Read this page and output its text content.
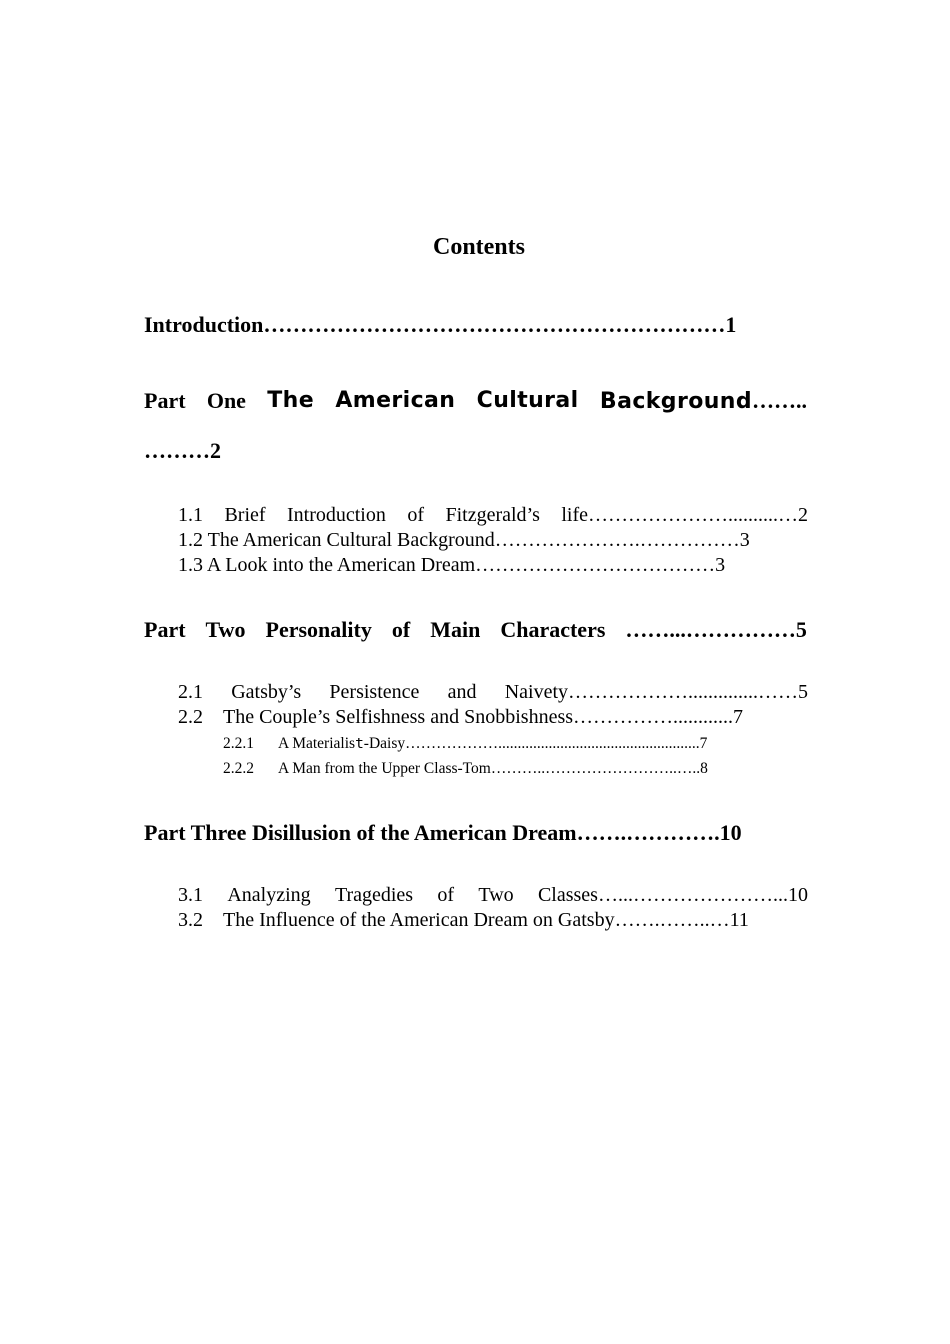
Contents
Introduction………………………………………………………1
Part One The American Cultural Background……..
………2
1.1 Brief Introduction of Fitzgerald’s life…………………..........…2
1.2 The American Cultural Background………………….……………3
1.3 A Look into the American Dream………………………………3
Part Two Personality of Main Characters ……...……………5
2.1 Gatsby’s Persistence and Naivety………………..............……5
2.2 The Couple’s Selfishness and Snobbishness……………............7
2.2.1 A Materialist-Daisy………………....................................................7
2.2.2 A Man from the Upper Class-Tom………..……………………..…..8
Part Three Disillusion of the American Dream…….………….10
3.1 Analyzing Tragedies of Two Classes…...…………………...10
3.2 The Influence of the American Dream on Gatsby…….……..…11
